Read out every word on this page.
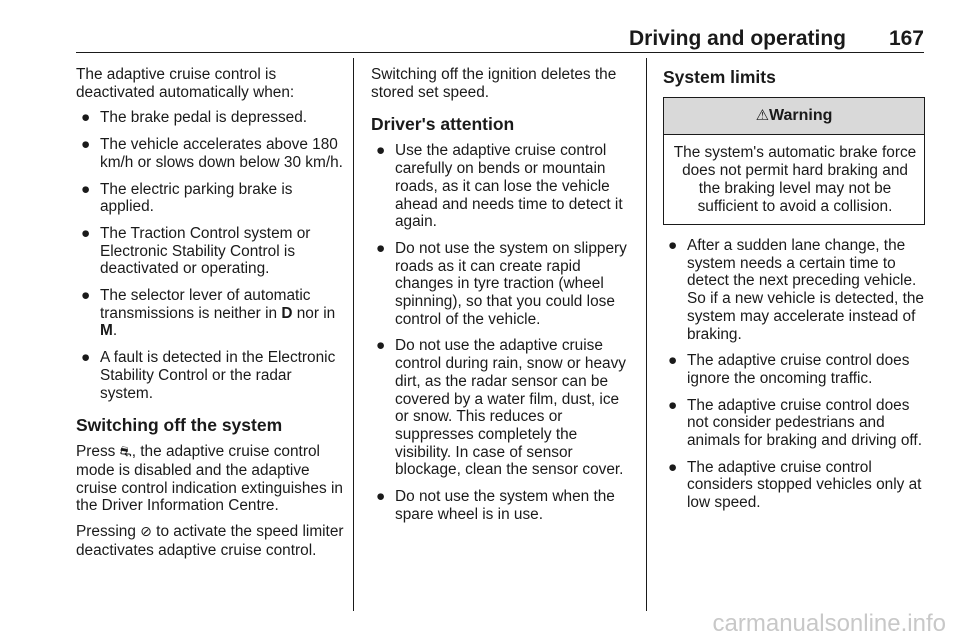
Driving and operating 167

The adaptive cruise control is deactivated automatically when:

● The brake pedal is depressed.
● The vehicle accelerates above 180 km/h or slows down below 30 km/h.
● The electric parking brake is applied.
● The Traction Control system or Electronic Stability Control is deactivated or operating.
● The selector lever of automatic transmissions is neither in D nor in M.
● A fault is detected in the Electronic Stability Control or the radar system.
Switching off the system

Press ⛐, the adaptive cruise control mode is disabled and the adaptive cruise control indication extinguishes in the Driver Information Centre.

Pressing ⊘ to activate the speed limiter deactivates adaptive cruise control.

Switching off the ignition deletes the stored set speed.

Driver's attention
● Use the adaptive cruise control carefully on bends or mountain roads, as it can lose the vehicle ahead and needs time to detect it again.
● Do not use the system on slippery roads as it can create rapid changes in tyre traction (wheel spinning), so that you could lose control of the vehicle.
● Do not use the adaptive cruise control during rain, snow or heavy dirt, as the radar sensor can be covered by a water film, dust, ice or snow. This reduces or suppresses completely the visibility. In case of sensor blockage, clean the sensor cover.
● Do not use the system when the spare wheel is in use.
System limits
⚠Warning
The system's automatic brake force does not permit hard braking and the braking level may not be sufficient to avoid a collision.
● After a sudden lane change, the system needs a certain time to detect the next preceding vehicle. So if a new vehicle is detected, the system may accelerate instead of braking.
● The adaptive cruise control does ignore the oncoming traffic.
● The adaptive cruise control does not consider pedestrians and animals for braking and driving off.
● The adaptive cruise control considers stopped vehicles only at low speed.
carmanualsonline.info
